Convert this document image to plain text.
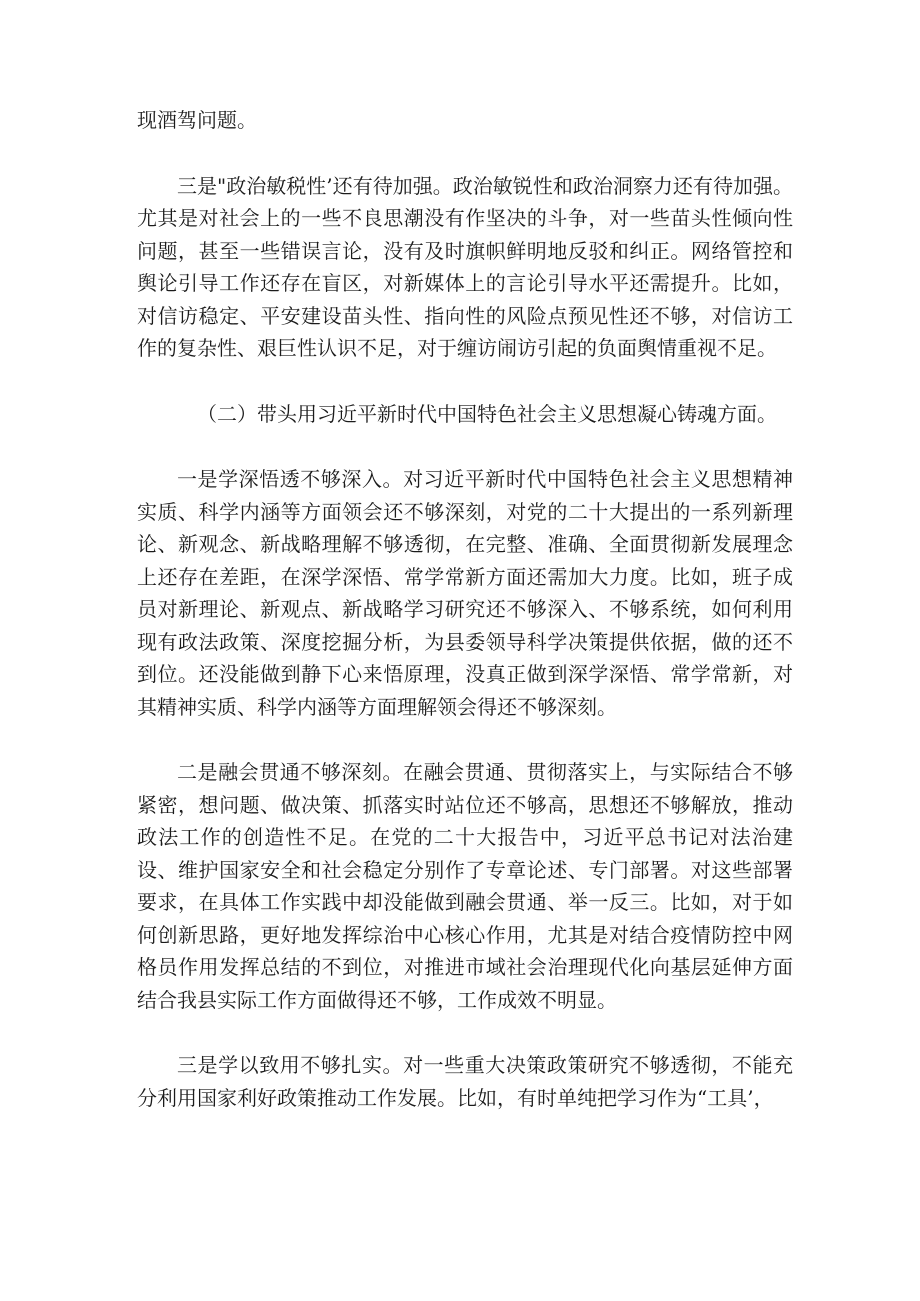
现酒驾问题。

三是"政治敏税性’还有待加强。政治敏锐性和政治洞察力还有待加强。尤其是对社会上的一些不良思潮没有作坚决的斗争，对一些苗头性倾向性问题，甚至一些错误言论，没有及时旗帜鲜明地反驳和纠正。网络管控和舆论引导工作还存在盲区，对新媒体上的言论引导水平还需提升。比如，对信访稳定、平安建设苗头性、指向性的风险点预见性还不够，对信访工作的复杂性、艰巨性认识不足，对于缠访闹访引起的负面舆情重视不足。

（二）带头用习近平新时代中国特色社会主义思想凝心铸魂方面。

一是学深悟透不够深入。对习近平新时代中国特色社会主义思想精神实质、科学内涵等方面领会还不够深刻，对党的二十大提出的一系列新理论、新观念、新战略理解不够透彻，在完整、准确、全面贯彻新发展理念上还存在差距，在深学深悟、常学常新方面还需加大力度。比如，班子成员对新理论、新观点、新战略学习研究还不够深入、不够系统，如何利用现有政法政策、深度挖掘分析，为县委领导科学决策提供依据，做的还不到位。还没能做到静下心来悟原理，没真正做到深学深悟、常学常新，对其精神实质、科学内涵等方面理解领会得还不够深刻。

二是融会贯通不够深刻。在融会贯通、贯彻落实上，与实际结合不够紧密，想问题、做决策、抓落实时站位还不够高，思想还不够解放，推动政法工作的创造性不足。在党的二十大报告中，习近平总书记对法治建设、维护国家安全和社会稳定分别作了专章论述、专门部署。对这些部署要求，在具体工作实践中却没能做到融会贯通、举一反三。比如，对于如何创新思路，更好地发挥综治中心核心作用，尤其是对结合疫情防控中网格员作用发挥总结的不到位，对推进市域社会治理现代化向基层延伸方面结合我县实际工作方面做得还不够，工作成效不明显。

三是学以致用不够扎实。对一些重大决策政策研究不够透彻，不能充分利用国家利好政策推动工作发展。比如，有时单纯把学习作为“工具’，
